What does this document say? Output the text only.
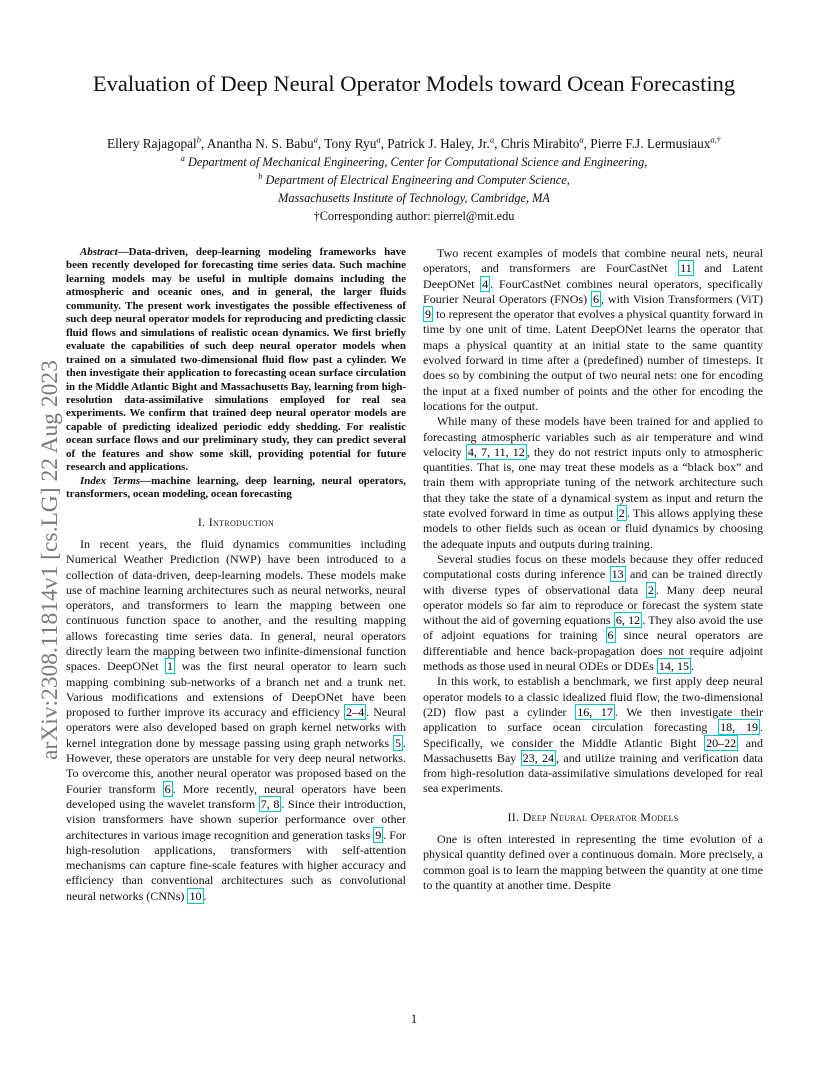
Evaluation of Deep Neural Operator Models toward Ocean Forecasting
Ellery Rajagopal$^b$, Anantha N. S. Babu$^a$, Tony Ryu$^a$, Patrick J. Haley, Jr.$^a$, Chris Mirabito$^a$, Pierre F.J. Lermusiaux$^{a,\dagger}$
$^a$ Department of Mechanical Engineering, Center for Computational Science and Engineering,
$^b$ Department of Electrical Engineering and Computer Science,
Massachusetts Institute of Technology, Cambridge, MA
†Corresponding author: pierrel@mit.edu
arXiv:2308.11814v1 [cs.LG] 22 Aug 2023

Abstract—Data-driven, deep-learning modeling frameworks have been recently developed for forecasting time series data. Such machine learning models may be useful in multiple domains including the atmospheric and oceanic ones, and in general, the larger fluids community. The present work investigates the possible effectiveness of such deep neural operator models for reproducing and predicting classic fluid flows and simulations of realistic ocean dynamics. We first briefly evaluate the capabilities of such deep neural operator models when trained on a simulated two-dimensional fluid flow past a cylinder. We then investigate their application to forecasting ocean surface circulation in the Middle Atlantic Bight and Massachusetts Bay, learning from high-resolution data-assimilative simulations employed for real sea experiments. We confirm that trained deep neural operator models are capable of predicting idealized periodic eddy shedding. For realistic ocean surface flows and our preliminary study, they can predict several of the features and show some skill, providing potential for future research and applications.

Index Terms—machine learning, deep learning, neural operators, transformers, ocean modeling, ocean forecasting

I. Introduction

In recent years, the fluid dynamics communities including Numerical Weather Prediction (NWP) have been introduced to a collection of data-driven, deep-learning models. These models make use of machine learning architectures such as neural networks, neural operators, and transformers to learn the mapping between one continuous function space to another, and the resulting mapping allows forecasting time series data. In general, neural operators directly learn the mapping between two infinite-dimensional function spaces. DeepONet 1 was the first neural operator to learn such mapping combining sub-networks of a branch net and a trunk net. Various modifications and extensions of DeepONet have been proposed to further improve its accuracy and efficiency 2–4 . Neural operators were also developed based on graph kernel networks with kernel integration done by message passing using graph networks 5 . However, these operators are unstable for very deep neural networks. To overcome this, another neural operator was proposed based on the Fourier transform 6 . More recently, neural operators have been developed using the wavelet transform 7, 8 . Since their introduction, vision transformers have shown superior performance over other architectures in various image recognition and generation tasks 9 . For high-resolution applications, transformers with self-attention mechanisms can capture fine-scale features with higher accuracy and efficiency than conventional architectures such as convolutional neural networks (CNNs) 10 .

Two recent examples of models that combine neural nets, neural operators, and transformers are FourCastNet 11 and Latent DeepONet 4 . FourCastNet combines neural operators, specifically Fourier Neural Operators (FNOs) 6 , with Vision Transformers (ViT) 9 to represent the operator that evolves a physical quantity forward in time by one unit of time. Latent DeepONet learns the operator that maps a physical quantity at an initial state to the same quantity evolved forward in time after a (predefined) number of timesteps. It does so by combining the output of two neural nets: one for encoding the input at a fixed number of points and the other for encoding the locations for the output.

While many of these models have been trained for and applied to forecasting atmospheric variables such as air temperature and wind velocity 4, 7, 11, 12 , they do not restrict inputs only to atmospheric quantities. That is, one may treat these models as a “black box” and train them with appropriate tuning of the network architecture such that they take the state of a dynamical system as input and return the state evolved forward in time as output 2 . This allows applying these models to other fields such as ocean or fluid dynamics by choosing the adequate inputs and outputs during training.

Several studies focus on these models because they offer reduced computational costs during inference 13 and can be trained directly with diverse types of observational data 2 . Many deep neural operator models so far aim to reproduce or forecast the system state without the aid of governing equations 6, 12 . They also avoid the use of adjoint equations for training 6 since neural operators are differentiable and hence back-propagation does not require adjoint methods as those used in neural ODEs or DDEs 14, 15 .

In this work, to establish a benchmark, we first apply deep neural operator models to a classic idealized fluid flow, the two-dimensional (2D) flow past a cylinder 16, 17 . We then investigate their application to surface ocean circulation forecasting 18, 19 . Specifically, we consider the Middle Atlantic Bight 20–22 and Massachusetts Bay 23, 24 , and utilize training and verification data from high-resolution data-assimilative simulations developed for real sea experiments.

II. Deep Neural Operator Models

One is often interested in representing the time evolution of a physical quantity defined over a continuous domain. More precisely, a common goal is to learn the mapping between the quantity at one time to the quantity at another time. Despite

1
